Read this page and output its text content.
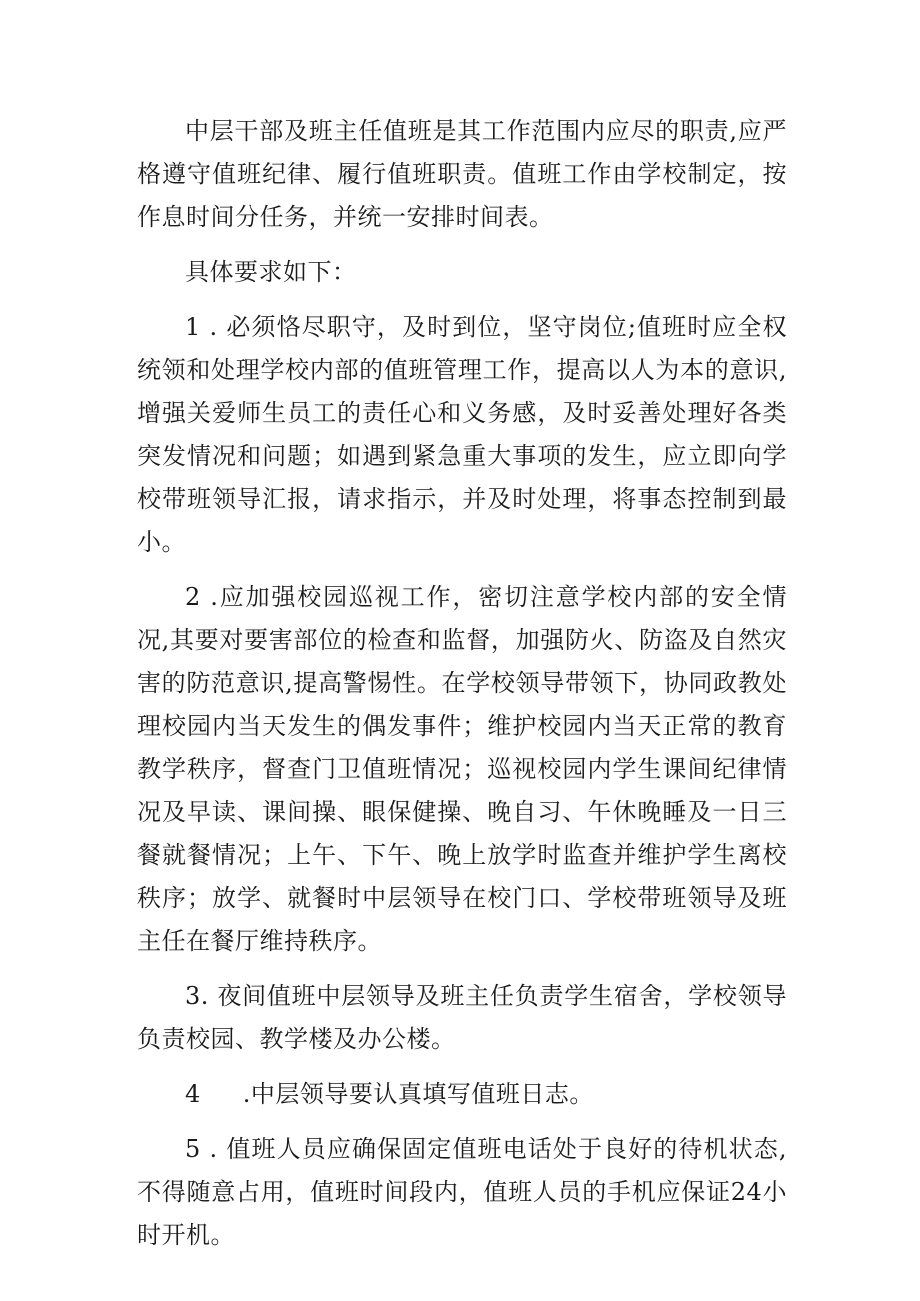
中层干部及班主任值班是其工作范围内应尽的职责,应严格遵守值班纪律、履行值班职责。值班工作由学校制定，按作息时间分任务，并统一安排时间表。

具体要求如下：

1 . 必须恪尽职守，及时到位，坚守岗位;值班时应全权统领和处理学校内部的值班管理工作，提高以人为本的意识,增强关爱师生员工的责任心和义务感，及时妥善处理好各类突发情况和问题；如遇到紧急重大事项的发生，应立即向学校带班领导汇报，请求指示，并及时处理，将事态控制到最小。

2 .应加强校园巡视工作，密切注意学校内部的安全情况,其要对要害部位的检查和监督，加强防火、防盗及自然灾害的防范意识,提高警惕性。在学校领导带领下，协同政教处理校园内当天发生的偶发事件；维护校园内当天正常的教育教学秩序，督查门卫值班情况；巡视校园内学生课间纪律情况及早读、课间操、眼保健操、晚自习、午休晚睡及一日三餐就餐情况；上午、下午、晚上放学时监查并维护学生离校秩序；放学、就餐时中层领导在校门口、学校带班领导及班主任在餐厅维持秩序。

3. 夜间值班中层领导及班主任负责学生宿舍，学校领导负责校园、教学楼及办公楼。

4 .中层领导要认真填写值班日志。

5 . 值班人员应确保固定值班电话处于良好的待机状态,不得随意占用，值班时间段内，值班人员的手机应保证24小时开机。
